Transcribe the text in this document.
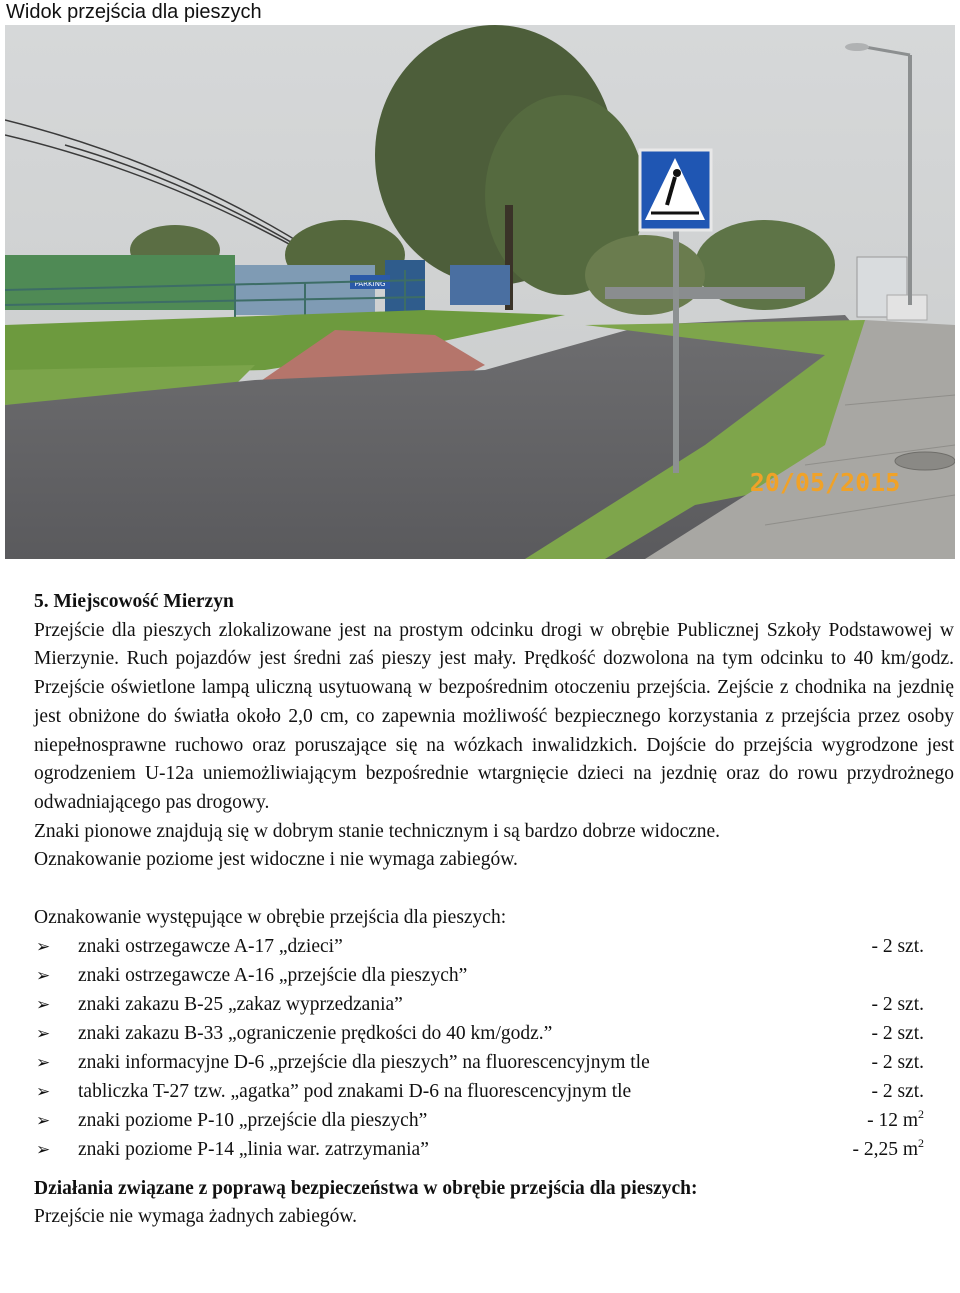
Widok przejścia dla pieszych
PARKING
20/05/2015
5. Miejscowość Mierzyn

Przejście dla pieszych zlokalizowane jest na prostym odcinku drogi w obrębie Publicznej Szkoły Podstawowej w Mierzynie. Ruch pojazdów jest średni zaś pieszy jest mały. Prędkość dozwolona na tym odcinku to 40 km/godz. Przejście oświetlone lampą uliczną usytuowaną w bezpośrednim otoczeniu przejścia. Zejście z chodnika na jezdnię jest obniżone do światła około 2,0 cm, co zapewnia możliwość bezpiecznego korzystania z przejścia przez osoby niepełnosprawne ruchowo oraz poruszające się na wózkach inwalidzkich. Dojście do przejścia wygrodzone jest ogrodzeniem U-12a uniemożliwiającym bezpośrednie wtargnięcie dzieci na jezdnię oraz do rowu przydrożnego odwadniającego pas drogowy.

Znaki pionowe znajdują się w dobrym stanie technicznym i są bardzo dobrze widoczne.

Oznakowanie poziome jest widoczne i nie wymaga zabiegów.

Oznakowanie występujące w obrębie przejścia dla pieszych:
➢ znaki ostrzegawcze A-17 „dzieci”	- 2 szt.
➢ znaki ostrzegawcze A-16 „przejście dla pieszych”
➢ znaki zakazu B-25 „zakaz wyprzedzania”	- 2 szt.
➢ znaki zakazu B-33 „ograniczenie prędkości do 40 km/godz.”	- 2 szt.
➢ znaki informacyjne D-6 „przejście dla pieszych” na fluorescencyjnym tle	- 2 szt.
➢ tabliczka T-27 tzw. „agatka” pod znakami D-6 na fluorescencyjnym tle	- 2 szt.
➢ znaki poziome P-10 „przejście dla pieszych”	- 12 $m^2$
➢ znaki poziome P-14 „linia war. zatrzymania”	- 2,25 $m^2$
Działania związane z poprawą bezpieczeństwa w obrębie przejścia dla pieszych:
Przejście nie wymaga żadnych zabiegów.
